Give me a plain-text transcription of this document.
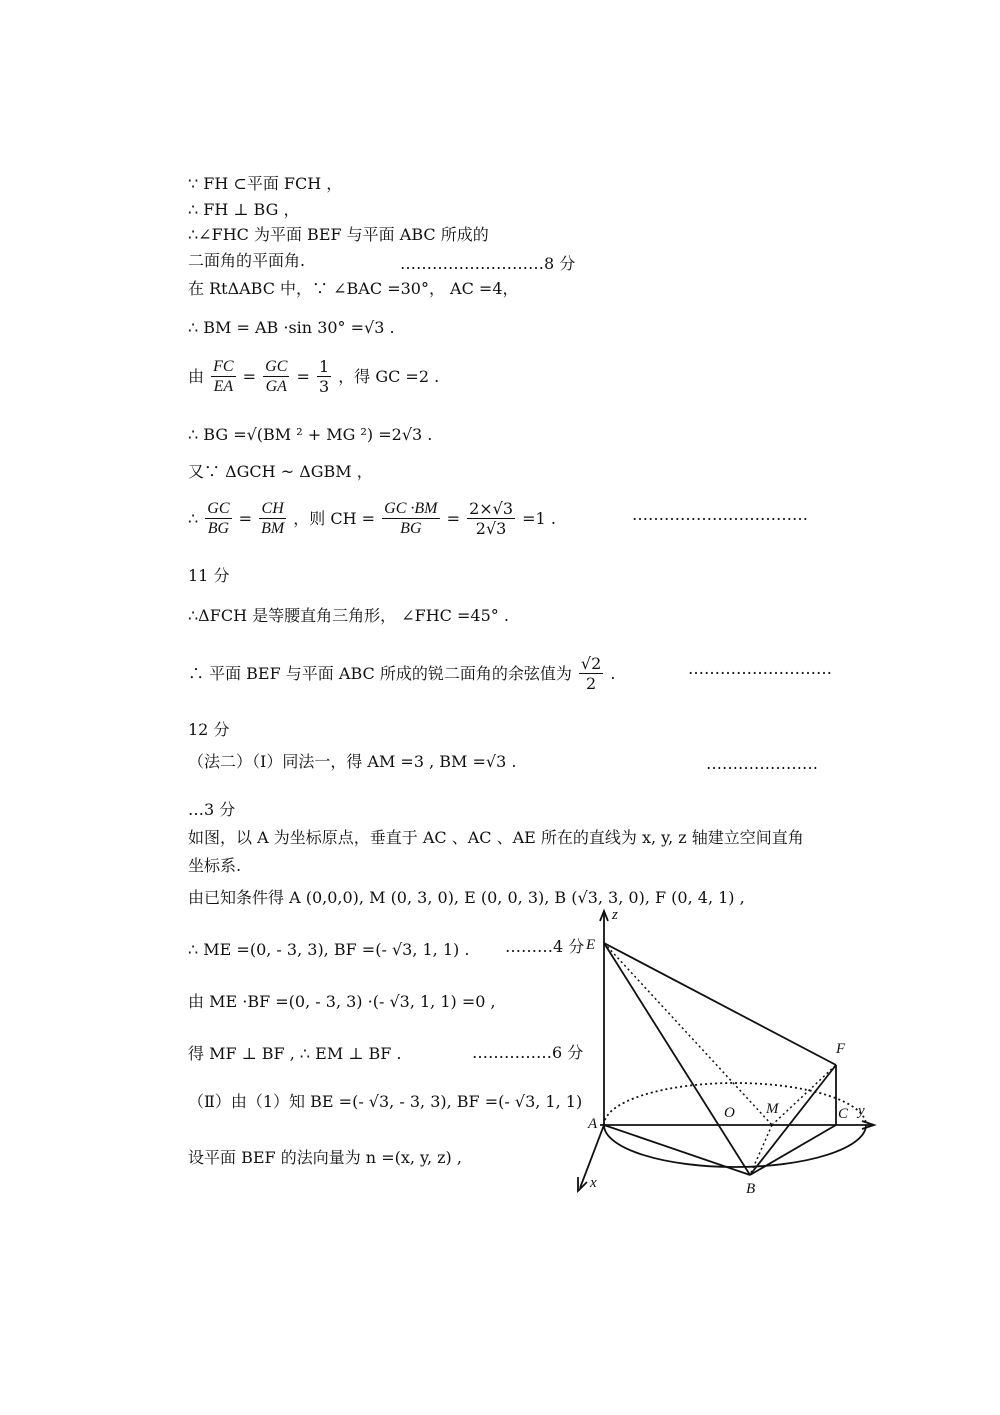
∵ FH ⊂平面 FCH ，
∴ FH ⊥ BG ，
∴∠FHC 为平面 BEF 与平面 ABC 所成的
二面角的平面角.	………………………8 分
在 RtΔABC 中，∵ ∠BAC =30°， AC =4，
∴ BM = AB ·sin 30° =√3 .
由 $\frac{FC}{EA} = \frac{GC}{GA} = \frac{1}{3}$ ，得 GC =2 .
∴ BG =√(BM ² + MG ²) =2√3 .
又∵ ΔGCH ~ ΔGBM ，
∴ $\frac{GC}{BG} = \frac{CH}{BM}$ ，则 CH = $\frac{GC \cdot BM}{BG} = \frac{2\times√3}{2√3} =1$ .	……………………………
11 分
∴ΔFCH 是等腰直角三角形， ∠FHC =45° .
∴ 平面 BEF 与平面 ABC 所成的锐二面角的余弦值为 $\frac{√2}{2}$ .	………………………
12 分
（法二）（Ⅰ）同法一，得 AM =3 , BM =√3 .	…………………
…3 分
如图，以 A 为坐标原点，垂直于 AC 、AC 、AE 所在的直线为 x, y, z 轴建立空间直角
坐标系.
由已知条件得 A (0,0,0), M (0, 3, 0), E (0, 0, 3), B (√3, 3, 0), F (0, 4, 1) ,
∴ ME =(0, - 3, 3), BF =(- √3, 1, 1) . ………4 分
由 ME ·BF =(0, - 3, 3) ·(- √3, 1, 1) =0 ,
得 MF ⊥ BF , ∴ EM ⊥ BF .	……………6 分
（Ⅱ）由（1）知 BE =(- √3, - 3, 3), BF =(- √3, 1, 1)
设平面 BEF 的法向量为 n =(x, y, z) ,
z
E
F
O M	C y
A
B
x
